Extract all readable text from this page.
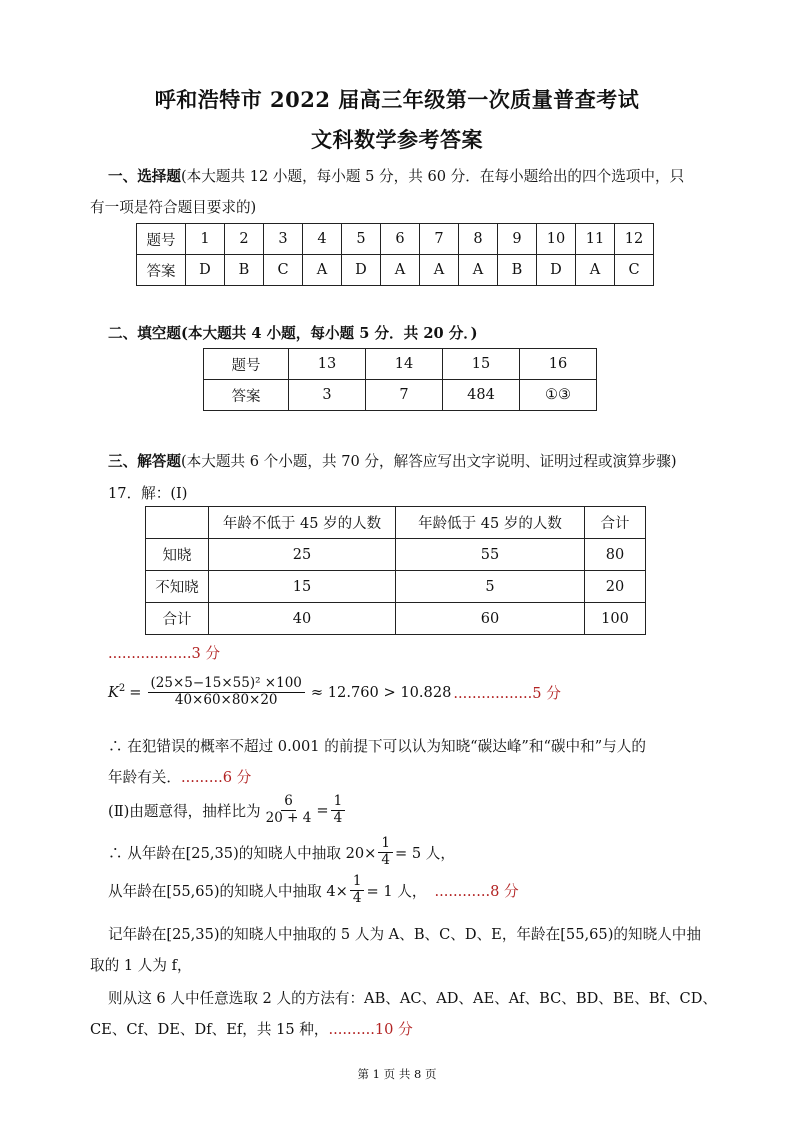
呼和浩特市 2022 届高三年级第一次质量普查考试
文科数学参考答案
一、选择题(本大题共 12 小题，每小题 5 分，共 60 分．在每小题给出的四个选项中，只
有一项是符合题目要求的)
题号	1	2	3	4	5	6	7	8	9	10	11	12
答案	D	B	C	A	D	A	A	A	B	D	A	C
二、填空题(本大题共 4 小题，每小题 5 分．共 20 分．)
题号	13	14	15	16
答案	3	7	484	①③
三、解答题(本大题共 6 个小题，共 70 分，解答应写出文字说明、证明过程或演算步骤)
17．解：(Ⅰ)
	年龄不低于 45 岁的人数	年龄低于 45 岁的人数	合计
知晓	25	55	80
不知晓	15	5	20
合计	40	60	100
..................3 分
$K^2 = \frac{\text{(25×5−15×55)² ×100}}{40\times 60\times 80\times 20} \approx 12.760 > 10.828$ .................5 分
∴ 在犯错误的概率不超过 0.001 的前提下可以认为知晓“碳达峰”和“碳中和”与人的
年龄有关．.........6 分
(Ⅱ)由题意得，抽样比为 $\frac{6}{20 + 4} = \frac{1}{4}$
∴ 从年龄在[25,35)的知晓人中抽取 $20\times \frac{1}{4} = 5$ 人，
从年龄在[55,65)的知晓人中抽取 $4\times \frac{1}{4} = 1$ 人， ............8 分
记年龄在[25,35)的知晓人中抽取的 5 人为 A、B、C、D、E，年龄在[55,65)的知晓人中抽
取的 1 人为 f，
则从这 6 人中任意选取 2 人的方法有：AB、AC、AD、AE、Af、BC、BD、BE、Bf、CD、
CE、Cf、DE、Df、Ef，共 15 种，..........10 分
第 1 页 共 8 页
